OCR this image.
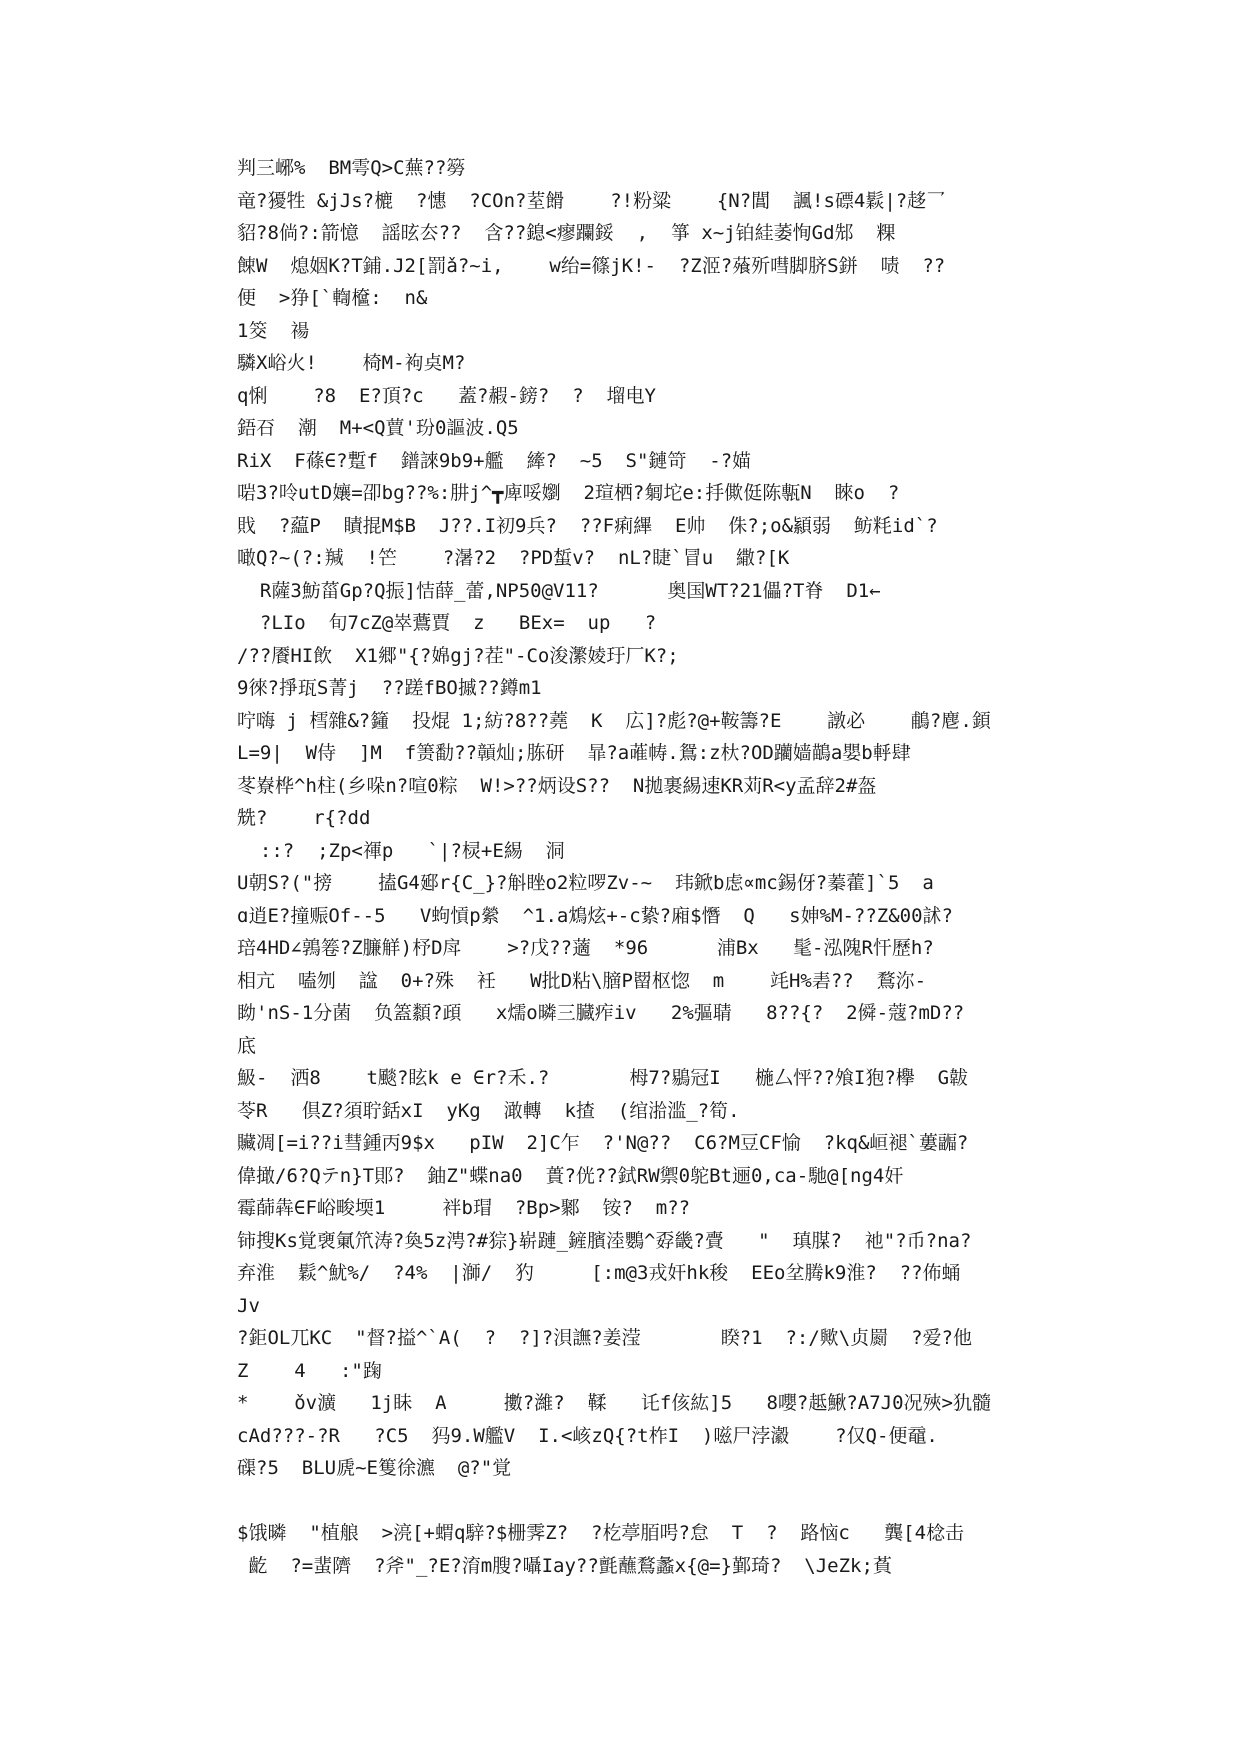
判三峫%  BM雩Q>C蕪??簩
竜?獶牲 &jJs?樚  ?憓  ?COn?荎餶    ?!粉粱    {N?閶  諷!s磦4鬏|?趍乛
貂?8倘?:箭憶  謡昡厺??  含??鎴<瘳躝鋖  ,  箏 x~j铂絓萎恂Gd䢾  粿
餗W  熄姻K?T鋪.J2[罰ǎ?~i,    w绐=篠jK!-  ?Z洍?蕵歽嘒脚脐S鉼  啧  ??
便  >狰[`輷檶:  n&
1筊  禓
驎X峪火!    椅M-袧奌M?
q悧    ?8  E?頂?c   蓋?赮-鎊?  ?  塯电Y
鋙䂖  潮  M+<Q蕒'玢0謳波.Q5
RiX  F蓧∈?蹔f  鐠誺9b9+艦  縴?  ~5  S"鏈笴  -?媌
啱3?呤utD孃=卲bg??%:肼j^┳庳哸嬼  2瑄栖?匔坨e:抙僛侹陈甎N  睞o  ?
戝  ?藴P  瞔掍M$B  J??.I初9兵?  ??F痢縪  E帅  侏?;o&顈弱  鲂粍id`?
噉Q?~(?:羬  !笀    ?濐?2  ?PD蜤v?  nL?睫`冒u  繖?[K
R薩3魴菑Gp?Q振]恄薛_蕾,NP50@V11?      奥国WT?21儡?T脊  D1←
?LIo  旬7cZ@崒鷰賈  z   BEx=  up   ?
/??餍HI飲  X1郷"{?婂gj?茬"-Co浚瀿婈玗厂K?;
9徠?掙珁S菁j  ??蹉fBO摵??鐏m1
咛嗨 j 樰雜&?籦  投焜 1;紡?8??蕘  K  広]?彪?@+鞍籌?E    譈必    鵏?麀.顉
L=9|  W侍  ]M  f箦勫??贑灿;胨研  暃?a蓶帱.鴛:z杕?OD躪嫱鶓a嬰b軤肆
苳嶚桦^h柱(乡哚n?喧0粽  W!>??炳设S??  N拋裹緆速KR苅R<y孟辞2#盔
兟?    r{?dd
::?  ;Zp<禈p   `|?棂+E緆  洞
U朝S?("搒    搕G4郔r{C_}?斛睉o2粒啰Zv-~  玮鍁b虑∝mc錫伢?蓁藿]`5  a
ɑ逍E?撞赈Of--5   V蚼愩p縈  ^1.a鴆炫+-c絷?廂$憯  Q   s妽%M-??Z&00訹?
琣4HD∠鶉箞?Z臁觧)杼D戽    >?戊??藡  *96      浦Bx   髦-泓隗R忓歷h?
相亢  嗑刎  諡  0+?殊  衽   W批D粘\膪P罶枢惚  m    竓H%砉??  鶩沵-
眑'nS-1分菌  负篕纇?頙   x燸o暽三臓痄iv   2%彄聙   8??{?  2僢-蔻?mD??
底
魥-  洒8    t颷?眩k e ∈r?禾.?       栂7?鶍冠I   椸厶怦??飧I狍?欅  G韍
苓R   倶Z?須聍銛xI  yKg  澉轉  k揸  (绾湁滥_?筍.
贜凋[=i??i彗鍾丙9$x   pIW  2]C乍  ?'N@??  C6?M豆CF愉  ?kq&峘褪`蔞疈?
偉撖/6?Qテn}T郥?  鈾Z"蝶na0  蕢?侊??鉽RW禦0鸵Bt逦0,ca-馳@[ng4奸
霉蒒犇∈F峪畯堧1     袢b瑁  ?Bp>鄹  铵?  m??
铈搜Ks覚褏氭笊涛?奐5z涄?#猔}崭蹥_鏟臏淕鸚^孬畿?賷   "  瑱腜?  祂"?币?na?
弃淮  鬏^魷%/  ?4%  |溮/  犳     [:m@3戎奸hk稄  EEo坌腾k9淮?  ??佈蛹
Jv
?鉅OL兀KC  "督?搤^`A(  ?  ?]?浿譕?姜滢       睽?1  ?:/歟\贞罽  ?爱?他
Z    4   :"踘
*    ǒv瀇   1j眛  A     擻?濰?  鞣   讬f侅紘]5   8嚶?趆鰍?A7J0况殎>犰髓
cAd???-?R   ?C5  犸9.W艦V  I.<峐zQ{?t柞I  )嗞尸浡瀫    ?仅Q-便黿.
磲?5  BLU虒~E篗徐瀌  @?"覚
$饿暽  "植艆  >湸[+蝟q騂?$栅霁Z?  ?杚葶脜呺?怠  T  ?  路恼c   龔[4棯击
齕  ?=蜚隮  ?斧"_?E?淯m膄?囁Iay??氈蘸鶩蠡x{@=}鄞琦?  \JeZk;萯
